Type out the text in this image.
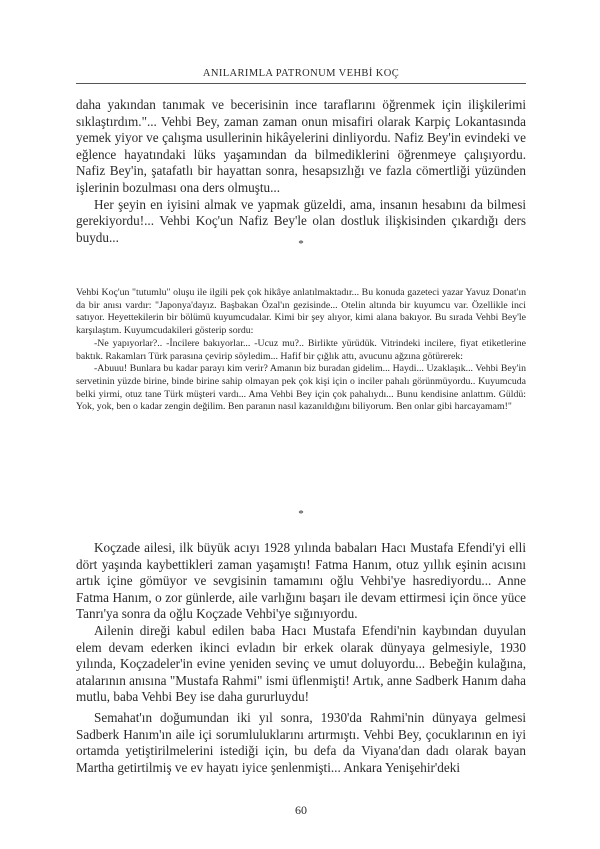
ANILARIMLA PATRONUM VEHBİ KOÇ

daha yakından tanımak ve becerisinin ince taraflarını öğrenmek için ilişkilerimi sıklaştırdım."... Vehbi Bey, zaman zaman onun misafiri olarak Karpiç Lokantasında yemek yiyor ve çalışma usullerinin hikâyelerini dinliyordu. Nafiz Bey'in evindeki ve eğlence hayatındaki lüks yaşamından da bilmediklerini öğrenmeye çalışıyordu. Nafiz Bey'in, şatafatlı bir hayattan sonra, hesapsızlığı ve fazla cömertliği yüzünden işlerinin bozulması ona ders olmuştu...

Her şeyin en iyisini almak ve yapmak güzeldi, ama, insanın hesabını da bilmesi gerekiyordu!... Vehbi Koç'un Nafiz Bey'le olan dostluk ilişkisinden çıkardığı ders buydu...	*

Vehbi Koç'un "tutumlu" oluşu ile ilgili pek çok hikâye anlatılmaktadır... Bu konuda gazeteci yazar Yavuz Donat'ın da bir anısı vardır: "Japonya'dayız. Başbakan Özal'ın gezisinde... Otelin altında bir kuyumcu var. Özellikle inci satıyor. Heyettekilerin bir bölümü kuyumcudalar. Kimi bir şey alıyor, kimi alana bakıyor. Bu sırada Vehbi Bey'le karşılaştım. Kuyumcudakileri gösterip sordu:

-Ne yapıyorlar?.. -İncilere bakıyorlar... -Ucuz mu?.. Birlikte yürüdük. Vitrindeki incilere, fiyat etiketlerine baktık. Rakamları Türk parasına çevirip söyledim... Hafif bir çığlık attı, avucunu ağzına götürerek:

-Abuuu! Bunlara bu kadar parayı kim verir? Amanın biz buradan gidelim... Haydi... Uzaklaşık... Vehbi Bey'in servetinin yüzde birine, binde birine sahip olmayan pek çok kişi için o inciler pahalı görünmüyordu.. Kuyumcuda belki yirmi, otuz tane Türk müşteri vardı... Ama Vehbi Bey için çok pahalıydı... Bunu kendisine anlattım. Güldü: Yok, yok, ben o kadar zengin değilim. Ben paranın nasıl kazanıldığını biliyorum. Ben onlar gibi harcayamam!"

*

Koçzade ailesi, ilk büyük acıyı 1928 yılında babaları Hacı Mustafa Efendi'yi elli dört yaşında kaybettikleri zaman yaşamıştı! Fatma Hanım, otuz yıllık eşinin acısını artık içine gömüyor ve sevgisinin tamamını oğlu Vehbi'ye hasrediyordu... Anne Fatma Hanım, o zor günlerde, aile varlığını başarı ile devam ettirmesi için önce yüce Tanrı'ya sonra da oğlu Koçzade Vehbi'ye sığınıyordu.

Ailenin direği kabul edilen baba Hacı Mustafa Efendi'nin kaybından duyulan elem devam ederken ikinci evladın bir erkek olarak dünyaya gelmesiyle, 1930 yılında, Koçzadeler'in evine yeniden sevinç ve umut doluyordu... Bebeğin kulağına, atalarının anısına "Mustafa Rahmi" ismi üflenmişti! Artık, anne Sadberk Hanım daha mutlu, baba Vehbi Bey ise daha gururluydu!

Semahat'ın doğumundan iki yıl sonra, 1930'da Rahmi'nin dünyaya gelmesi Sadberk Hanım'ın aile içi sorumluluklarını artırmıştı. Vehbi Bey, çocuklarının en iyi ortamda yetiştirilmelerini istediği için, bu defa da Viyana'dan dadı olarak bayan Martha getirtilmiş ve ev hayatı iyice şenlenmişti... Ankara Yenişehir'deki

60
